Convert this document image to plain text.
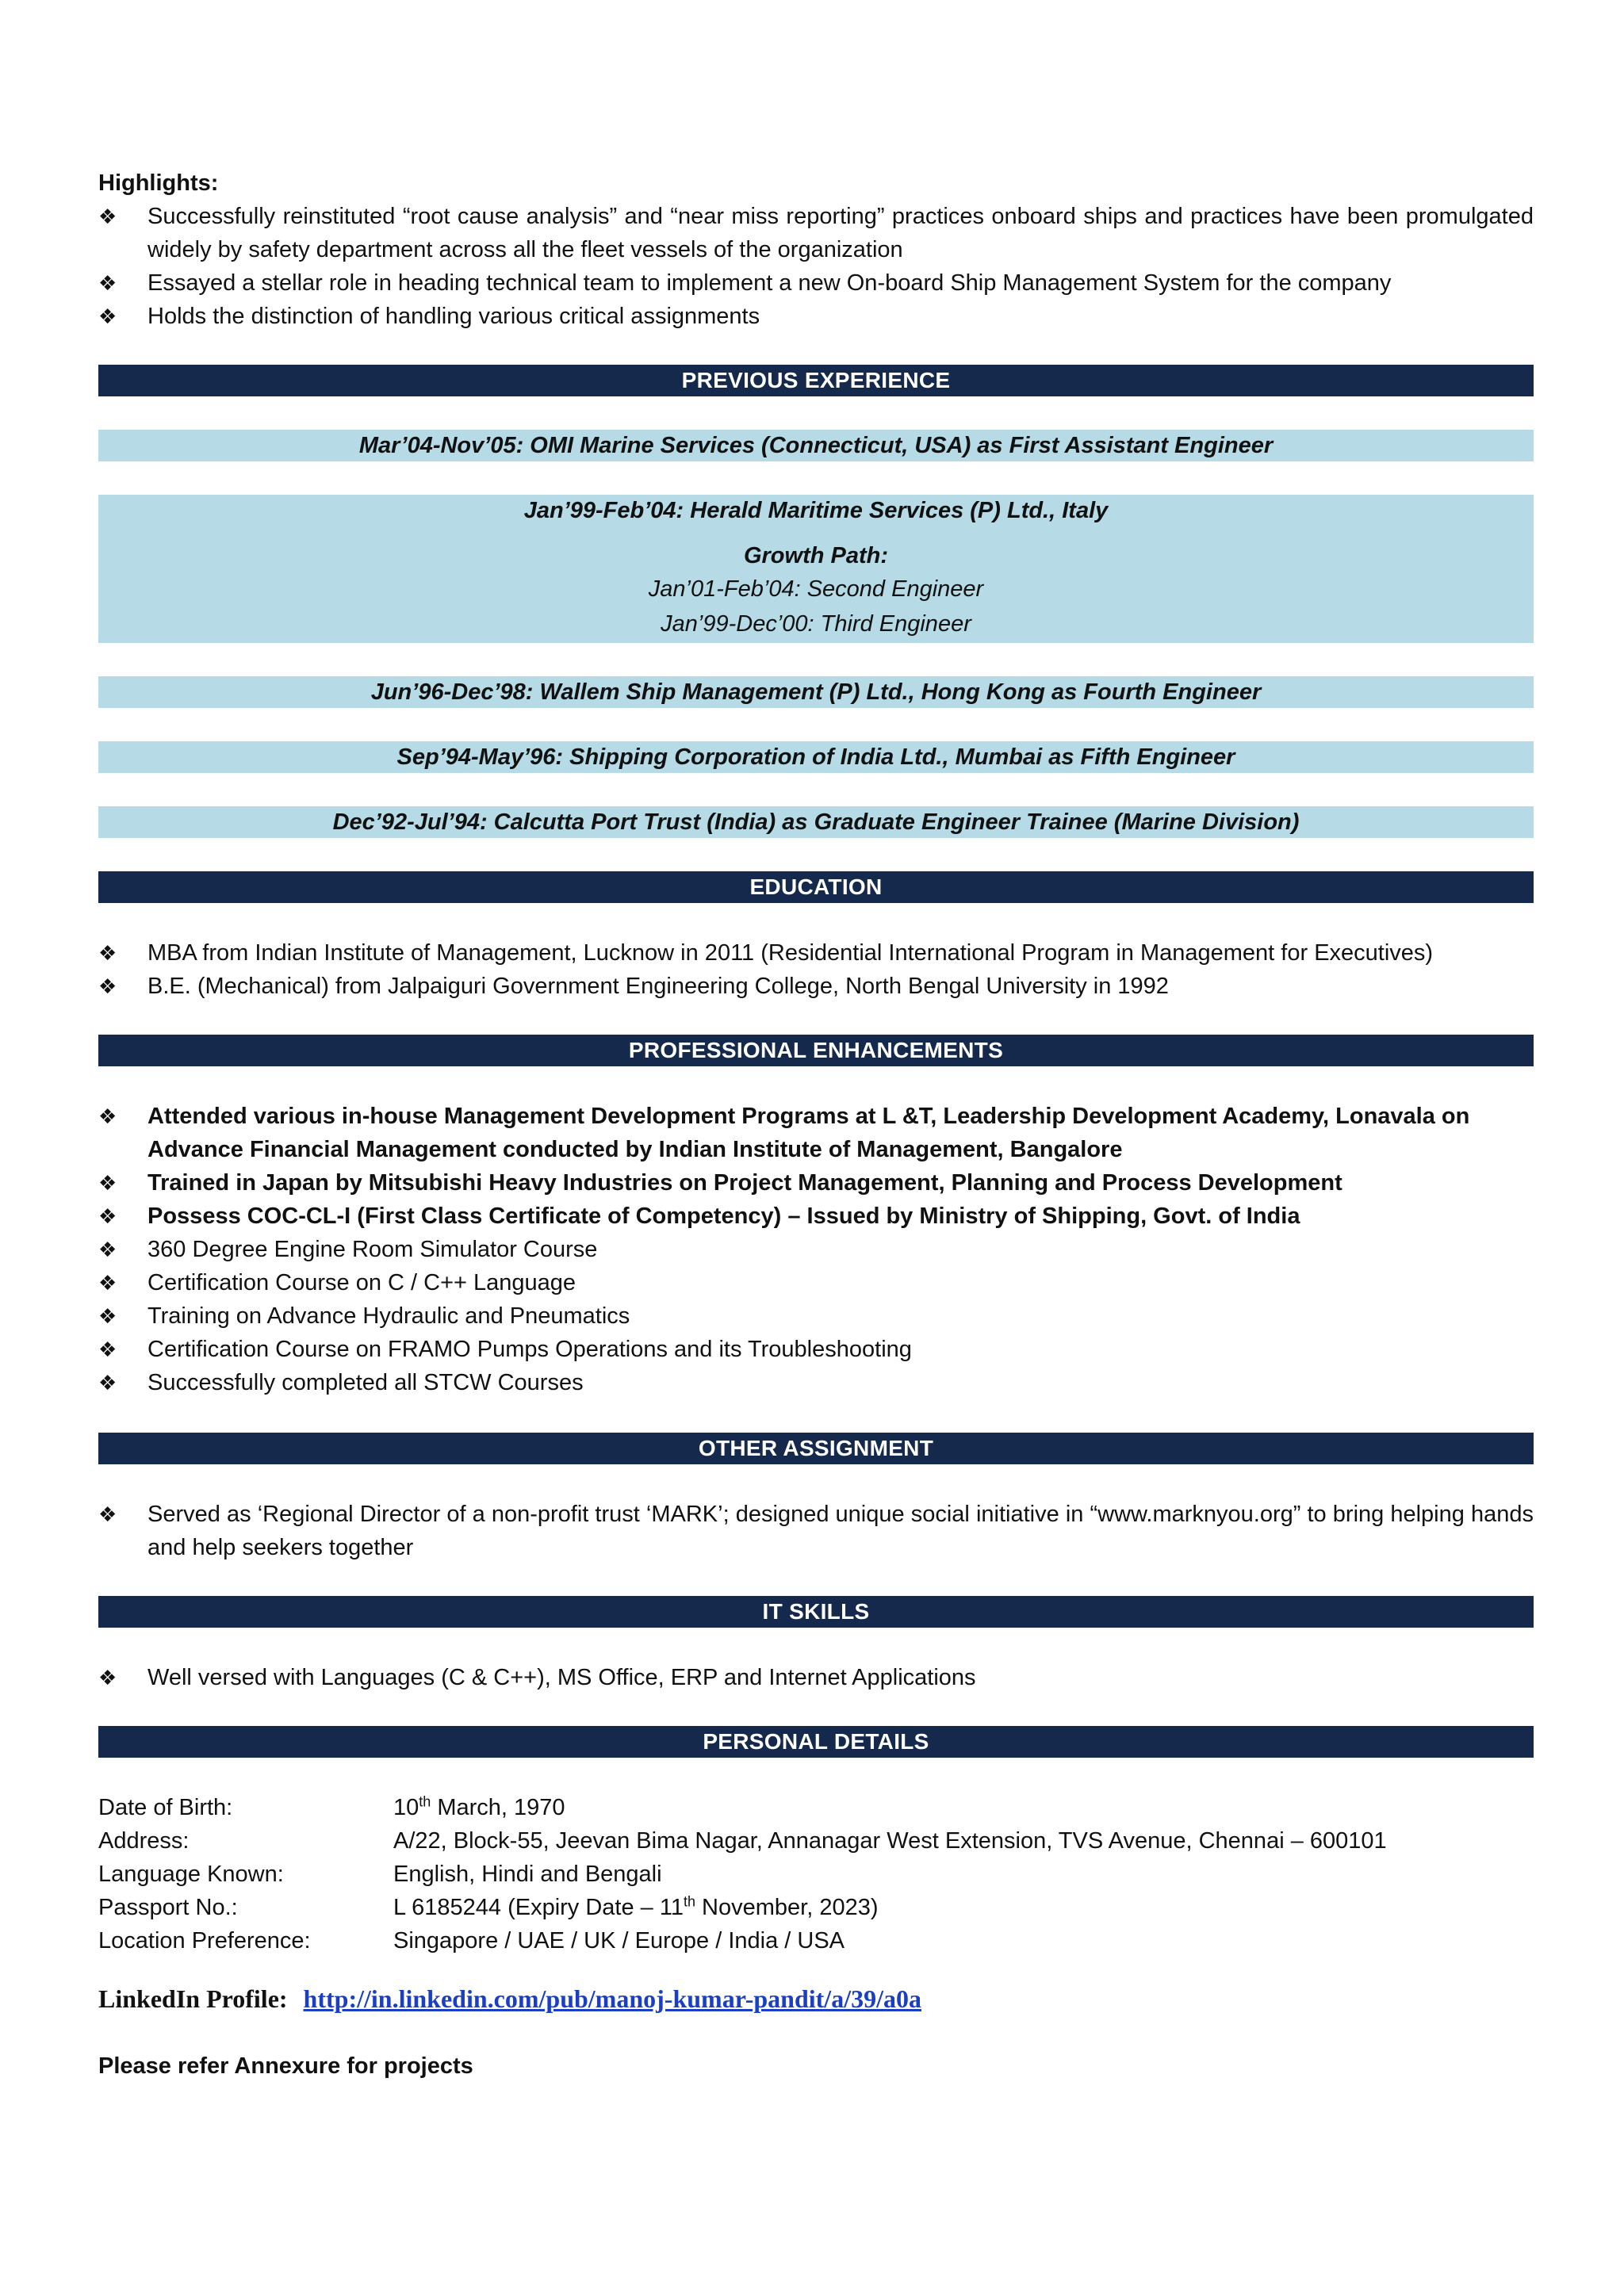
Highlights:
❖	Successfully reinstituted “root cause analysis” and “near miss reporting” practices onboard ships and practices have been promulgated widely by safety department across all the fleet vessels of the organization
❖	Essayed a stellar role in heading technical team to implement a new On-board Ship Management System for the company
❖	Holds the distinction of handling various critical assignments
PREVIOUS EXPERIENCE
Mar’04-Nov’05: OMI Marine Services (Connecticut, USA) as First Assistant Engineer
Jan’99-Feb’04: Herald Maritime Services (P) Ltd., Italy
Growth Path:
Jan’01-Feb’04: Second Engineer
Jan’99-Dec’00: Third Engineer
Jun’96-Dec’98: Wallem Ship Management (P) Ltd., Hong Kong as Fourth Engineer
Sep’94-May’96: Shipping Corporation of India Ltd., Mumbai as Fifth Engineer
Dec’92-Jul’94: Calcutta Port Trust (India) as Graduate Engineer Trainee (Marine Division)
EDUCATION
❖	MBA from Indian Institute of Management, Lucknow in 2011 (Residential International Program in Management for Executives)
❖	B.E. (Mechanical) from Jalpaiguri Government Engineering College, North Bengal University in 1992
PROFESSIONAL ENHANCEMENTS
❖	Attended various in-house Management Development Programs at L &T, Leadership Development Academy, Lonavala on Advance Financial Management conducted by Indian Institute of Management, Bangalore
❖	Trained in Japan by Mitsubishi Heavy Industries on Project Management, Planning and Process Development
❖	Possess COC-CL-I (First Class Certificate of Competency) – Issued by Ministry of Shipping, Govt. of India
❖	360 Degree Engine Room Simulator Course
❖	Certification Course on C / C++ Language
❖	Training on Advance Hydraulic and Pneumatics
❖	Certification Course on FRAMO Pumps Operations and its Troubleshooting
❖	Successfully completed all STCW Courses
OTHER ASSIGNMENT
❖	Served as ‘Regional Director of a non-profit trust ‘MARK’; designed unique social initiative in “www.marknyou.org” to bring helping hands and help seekers together
IT SKILLS
❖	Well versed with Languages (C & C++), MS Office, ERP and Internet Applications
PERSONAL DETAILS
Date of Birth:	10th March, 1970
Address:	A/22, Block-55, Jeevan Bima Nagar, Annanagar West Extension, TVS Avenue, Chennai – 600101
Language Known:	English, Hindi and Bengali
Passport No.:	L 6185244 (Expiry Date – 11th November, 2023)
Location Preference:	Singapore / UAE / UK / Europe / India / USA
LinkedIn Profile: http://in.linkedin.com/pub/manoj-kumar-pandit/a/39/a0a
Please refer Annexure for projects
